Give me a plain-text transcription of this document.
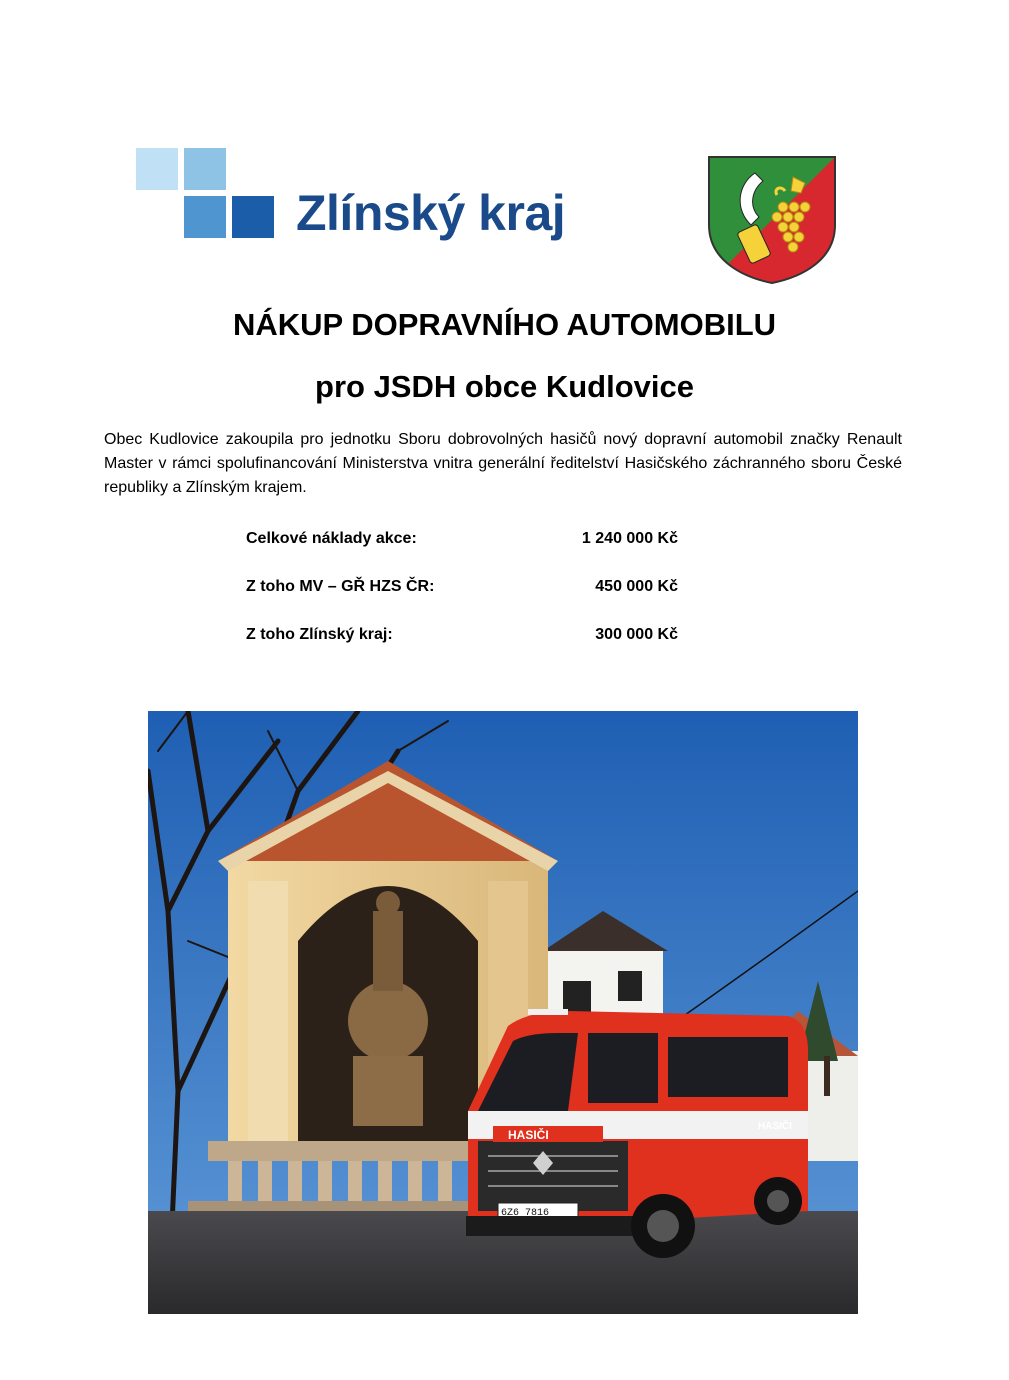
Zlínský kraj
NÁKUP DOPRAVNÍHO AUTOMOBILU
pro JSDH obce Kudlovice

Obec Kudlovice zakoupila pro jednotku Sboru dobrovolných hasičů nový dopravní automobil značky Renault Master v rámci spolufinancování Ministerstva vnitra generální ředitelství Hasičského záchranného sboru České republiky a Zlínským krajem.

Celkové náklady akce:	1 240 000 Kč
Z toho MV – GŘ HZS ČR:	450 000 Kč
Z toho Zlínský kraj:	300 000 Kč
HASIČI
HASIČI
6Z6 7816
